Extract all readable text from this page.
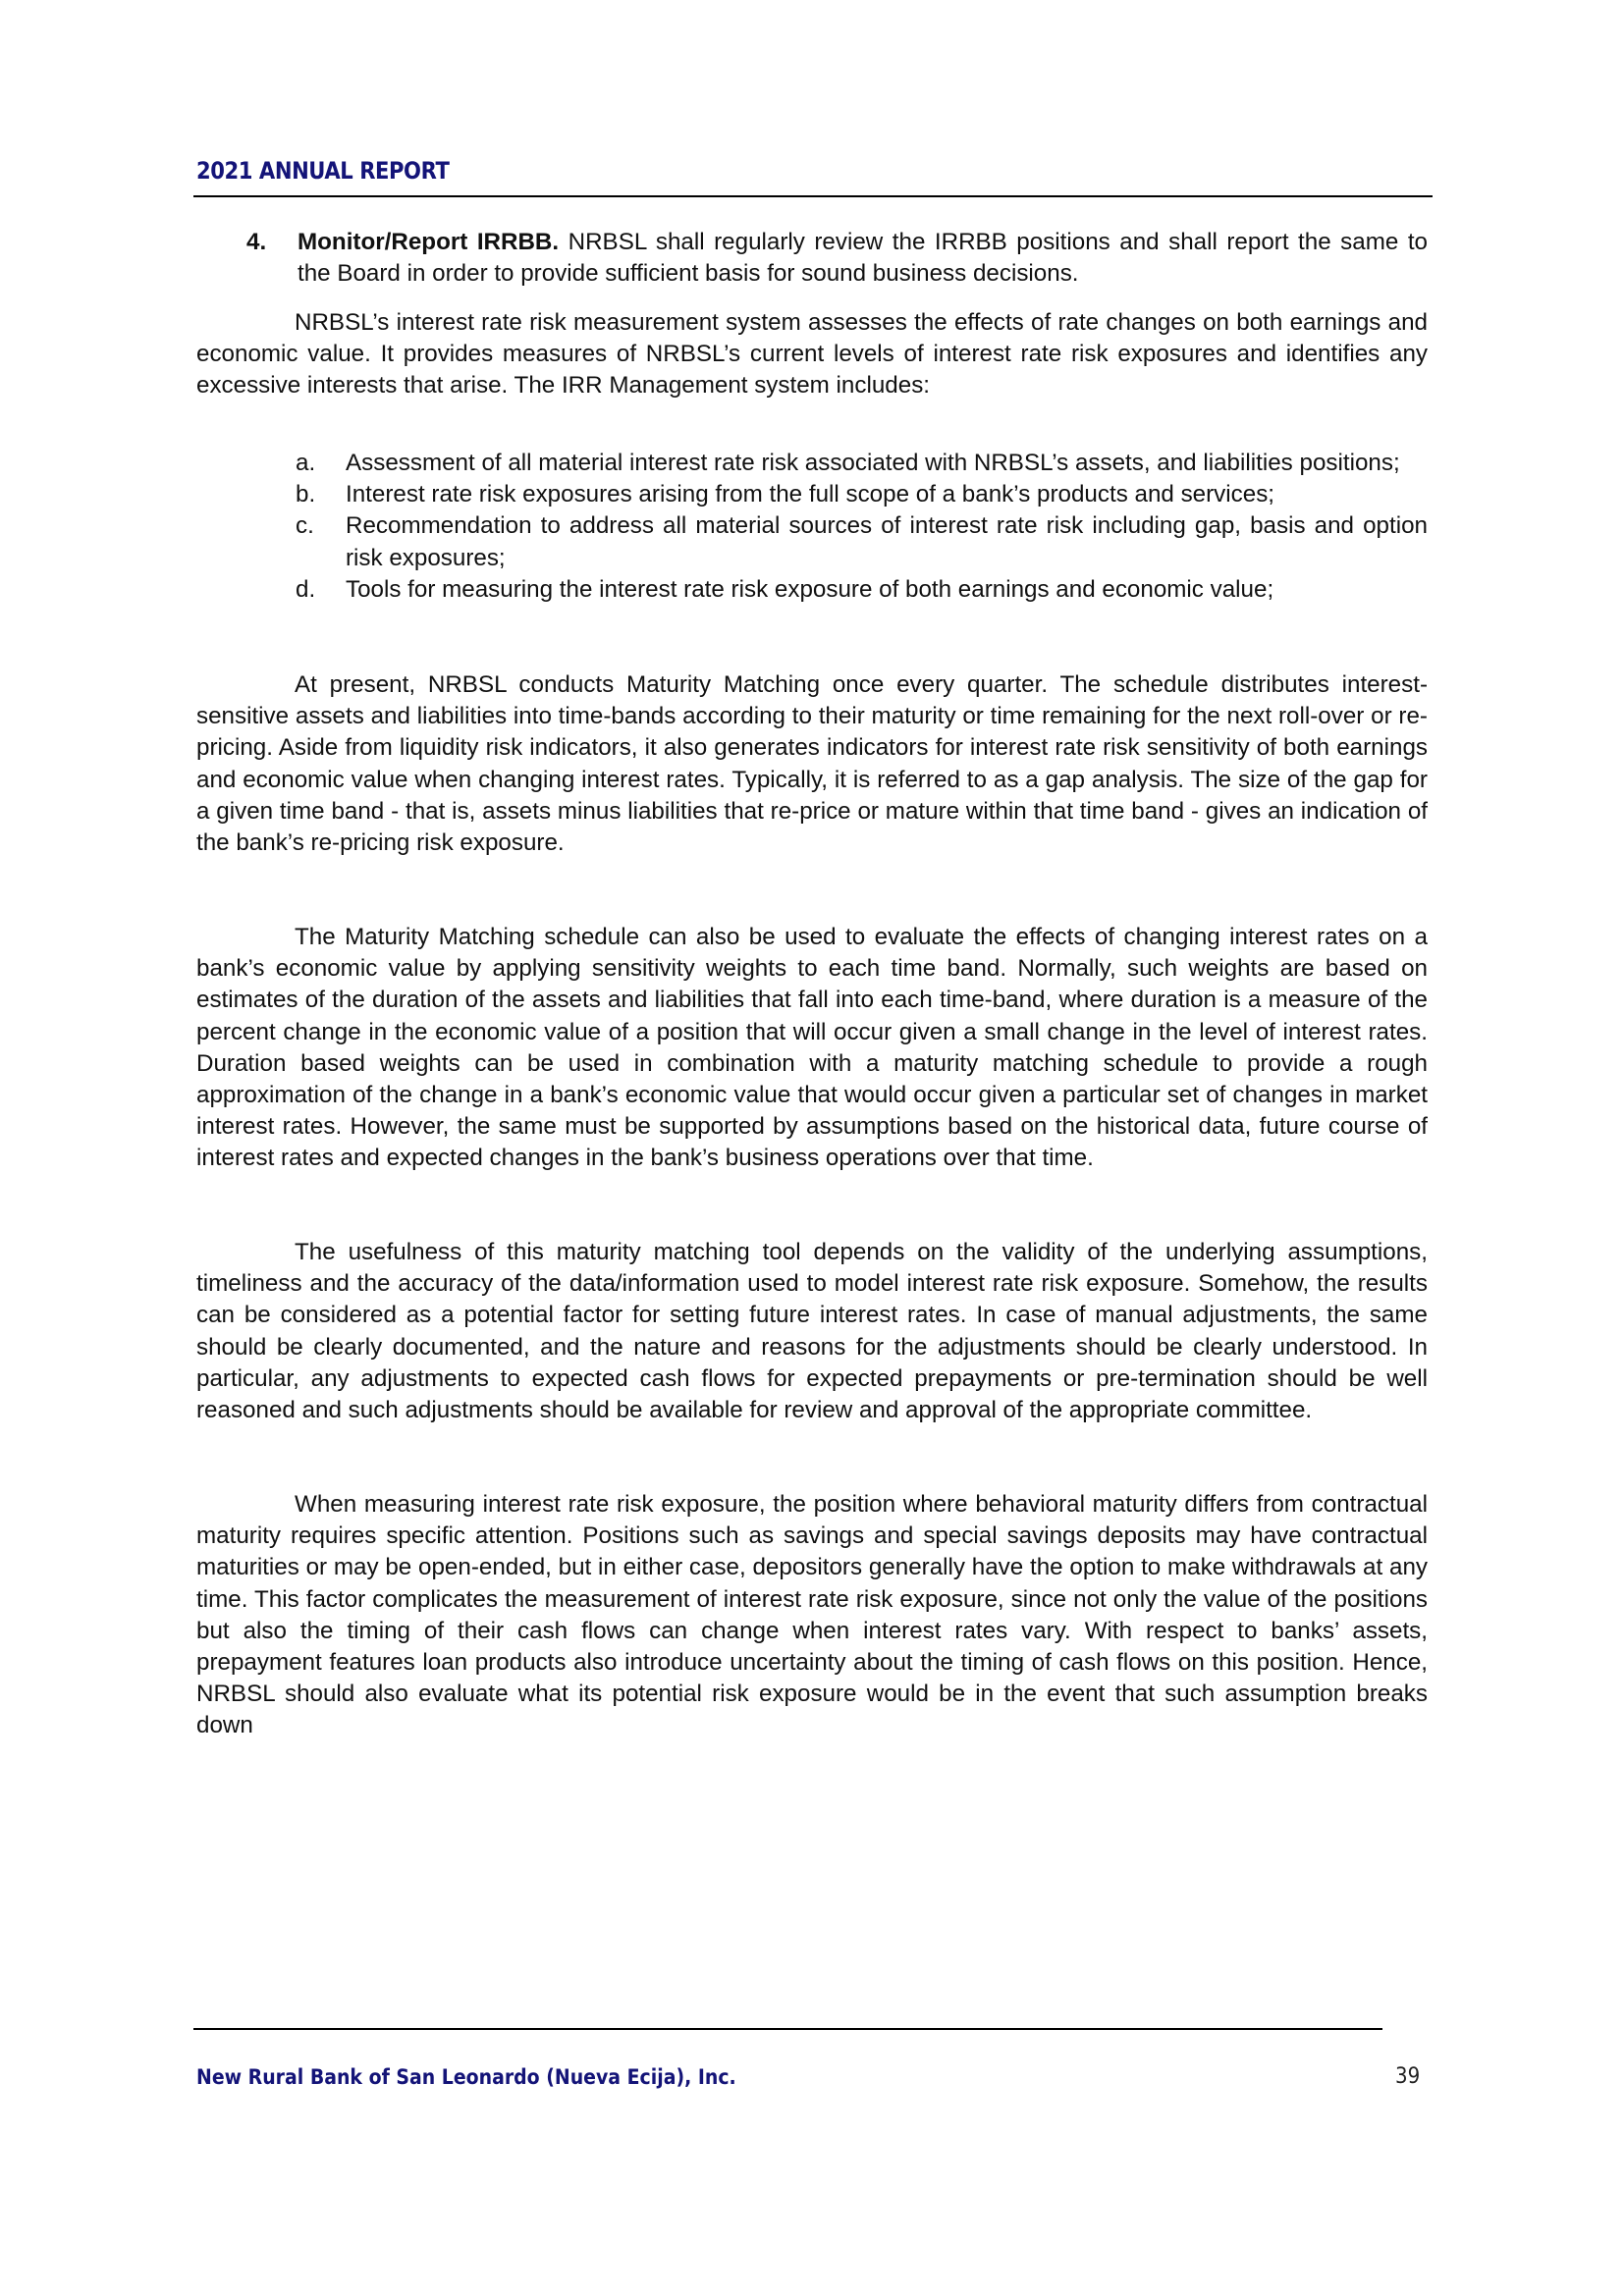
2021 ANNUAL REPORT
4. Monitor/Report IRRBB. NRBSL shall regularly review the IRRBB positions and shall report the same to the Board in order to provide sufficient basis for sound business decisions.

NRBSL’s interest rate risk measurement system assesses the effects of rate changes on both earnings and economic value. It provides measures of NRBSL’s current levels of interest rate risk exposures and identifies any excessive interests that arise. The IRR Management system includes:

a. Assessment of all material interest rate risk associated with NRBSL’s assets, and liabilities positions;
b. Interest rate risk exposures arising from the full scope of a bank’s products and services;
c. Recommendation to address all material sources of interest rate risk including gap, basis and option risk exposures;
d. Tools for measuring the interest rate risk exposure of both earnings and economic value;

At present, NRBSL conducts Maturity Matching once every quarter. The schedule distributes interest-sensitive assets and liabilities into time-bands according to their maturity or time remaining for the next roll-over or re-pricing. Aside from liquidity risk indicators, it also generates indicators for interest rate risk sensitivity of both earnings and economic value when changing interest rates. Typically, it is referred to as a gap analysis. The size of the gap for a given time band - that is, assets minus liabilities that re-price or mature within that time band - gives an indication of the bank’s re-pricing risk exposure.

The Maturity Matching schedule can also be used to evaluate the effects of changing interest rates on a bank’s economic value by applying sensitivity weights to each time band. Normally, such weights are based on estimates of the duration of the assets and liabilities that fall into each time-band, where duration is a measure of the percent change in the economic value of a position that will occur given a small change in the level of interest rates. Duration based weights can be used in combination with a maturity matching schedule to provide a rough approximation of the change in a bank’s economic value that would occur given a particular set of changes in market interest rates. However, the same must be supported by assumptions based on the historical data, future course of interest rates and expected changes in the bank’s business operations over that time.

The usefulness of this maturity matching tool depends on the validity of the underlying assumptions, timeliness and the accuracy of the data/information used to model interest rate risk exposure. Somehow, the results can be considered as a potential factor for setting future interest rates. In case of manual adjustments, the same should be clearly documented, and the nature and reasons for the adjustments should be clearly understood. In particular, any adjustments to expected cash flows for expected prepayments or pre-termination should be well reasoned and such adjustments should be available for review and approval of the appropriate committee.

When measuring interest rate risk exposure, the position where behavioral maturity differs from contractual maturity requires specific attention. Positions such as savings and special savings deposits may have contractual maturities or may be open-ended, but in either case, depositors generally have the option to make withdrawals at any time. This factor complicates the measurement of interest rate risk exposure, since not only the value of the positions but also the timing of their cash flows can change when interest rates vary. With respect to banks’ assets, prepayment features loan products also introduce uncertainty about the timing of cash flows on this position. Hence, NRBSL should also evaluate what its potential risk exposure would be in the event that such assumption breaks down

New Rural Bank of San Leonardo (Nueva Ecija), Inc.	39
